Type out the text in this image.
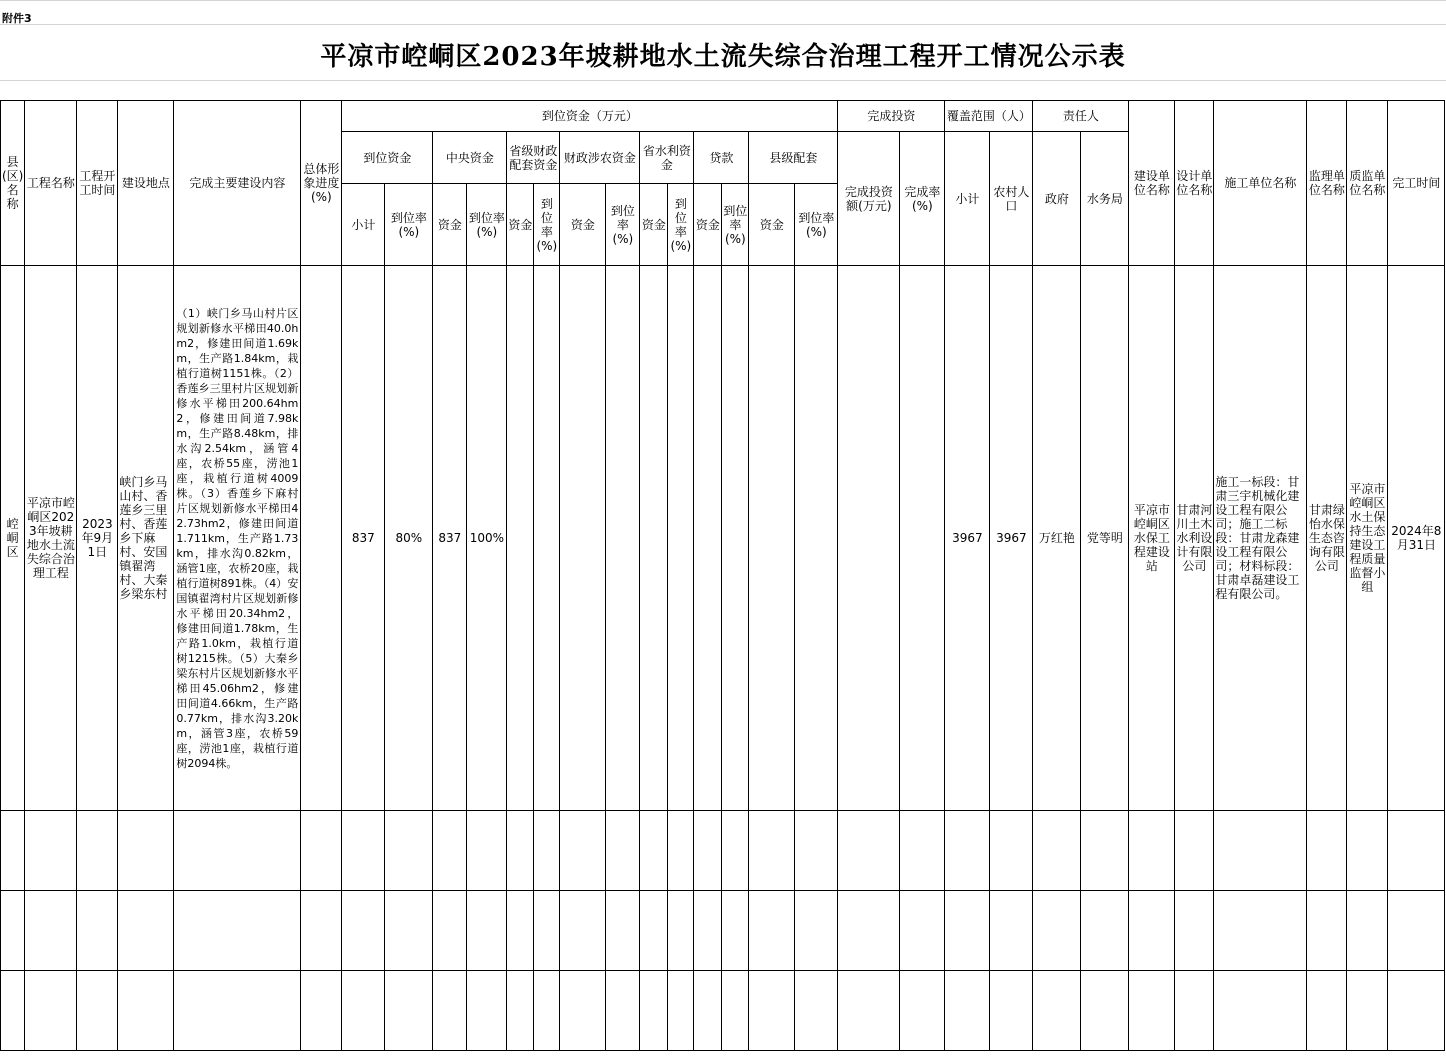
附件3
平凉市崆峒区2023年坡耕地水土流失综合治理工程开工情况公示表
县(区)名称	工程名称	工程开工时间	建设地点	完成主要建设内容	总体形象进度(%)	到位资金（万元）														完成投资		覆盖范围（人）		责任人		建设单位名称	设计单位名称	施工单位名称	监理单位名称	质监单位名称	完工时间
						到位资金		中央资金		省级财政配套资金		财政涉农资金		省水利资金		贷款		县级配套		完成投资额(万元)	完成率(%)	小计	农村人口	政府	水务局						
						小计	到位率(%)	资金	到位率(%)	资金	到位率(%)	资金	到位率(%)	资金	到位率(%)	资金	到位率(%)	资金	到位率(%)												
崆峒区	平凉市崆峒区2023年坡耕地水土流失综合治理工程	2023年9月1日	峡门乡马山村、香莲乡三里村、香莲乡下麻村、安国镇翟湾村、大秦乡梁东村	（1）峡门乡马山村片区规划新修水平梯田40.0hm2，修建田间道1.69km，生产路1.84km，栽植行道树1151株。（2）香莲乡三里村片区规划新修水平梯田200.64hm2，修建田间道7.98km，生产路8.48km，排水沟2.54km，涵管4座，农桥55座，涝池1座，栽植行道树4009株。（3）香莲乡下麻村片区规划新修水平梯田42.73hm2，修建田间道1.711km，生产路1.73km，排水沟0.82km，涵管1座，农桥20座，栽植行道树891株。（4）安国镇翟湾村片区规划新修水平梯田20.34hm2，修建田间道1.78km，生产路1.0km，栽植行道树1215株。（5）大秦乡梁东村片区规划新修水平梯田45.06hm2，修建田间道4.66km，生产路0.77km，排水沟3.20km，涵管3座，农桥59座，涝池1座，栽植行道树2094株。		837	80%	837	100%													3967	3967	万红艳	党等明	平凉市崆峒区水保工程建设站	甘肃河川土木水利设计有限公司	施工一标段：甘肃三宇机械化建设工程有限公司；施工二标段：甘肃龙森建设工程有限公司；材料标段：甘肃卓磊建设工程有限公司。	甘肃绿怡水保生态咨询有限公司	平凉市崆峒区水土保持生态建设工程质量监督小组	2024年8月31日
